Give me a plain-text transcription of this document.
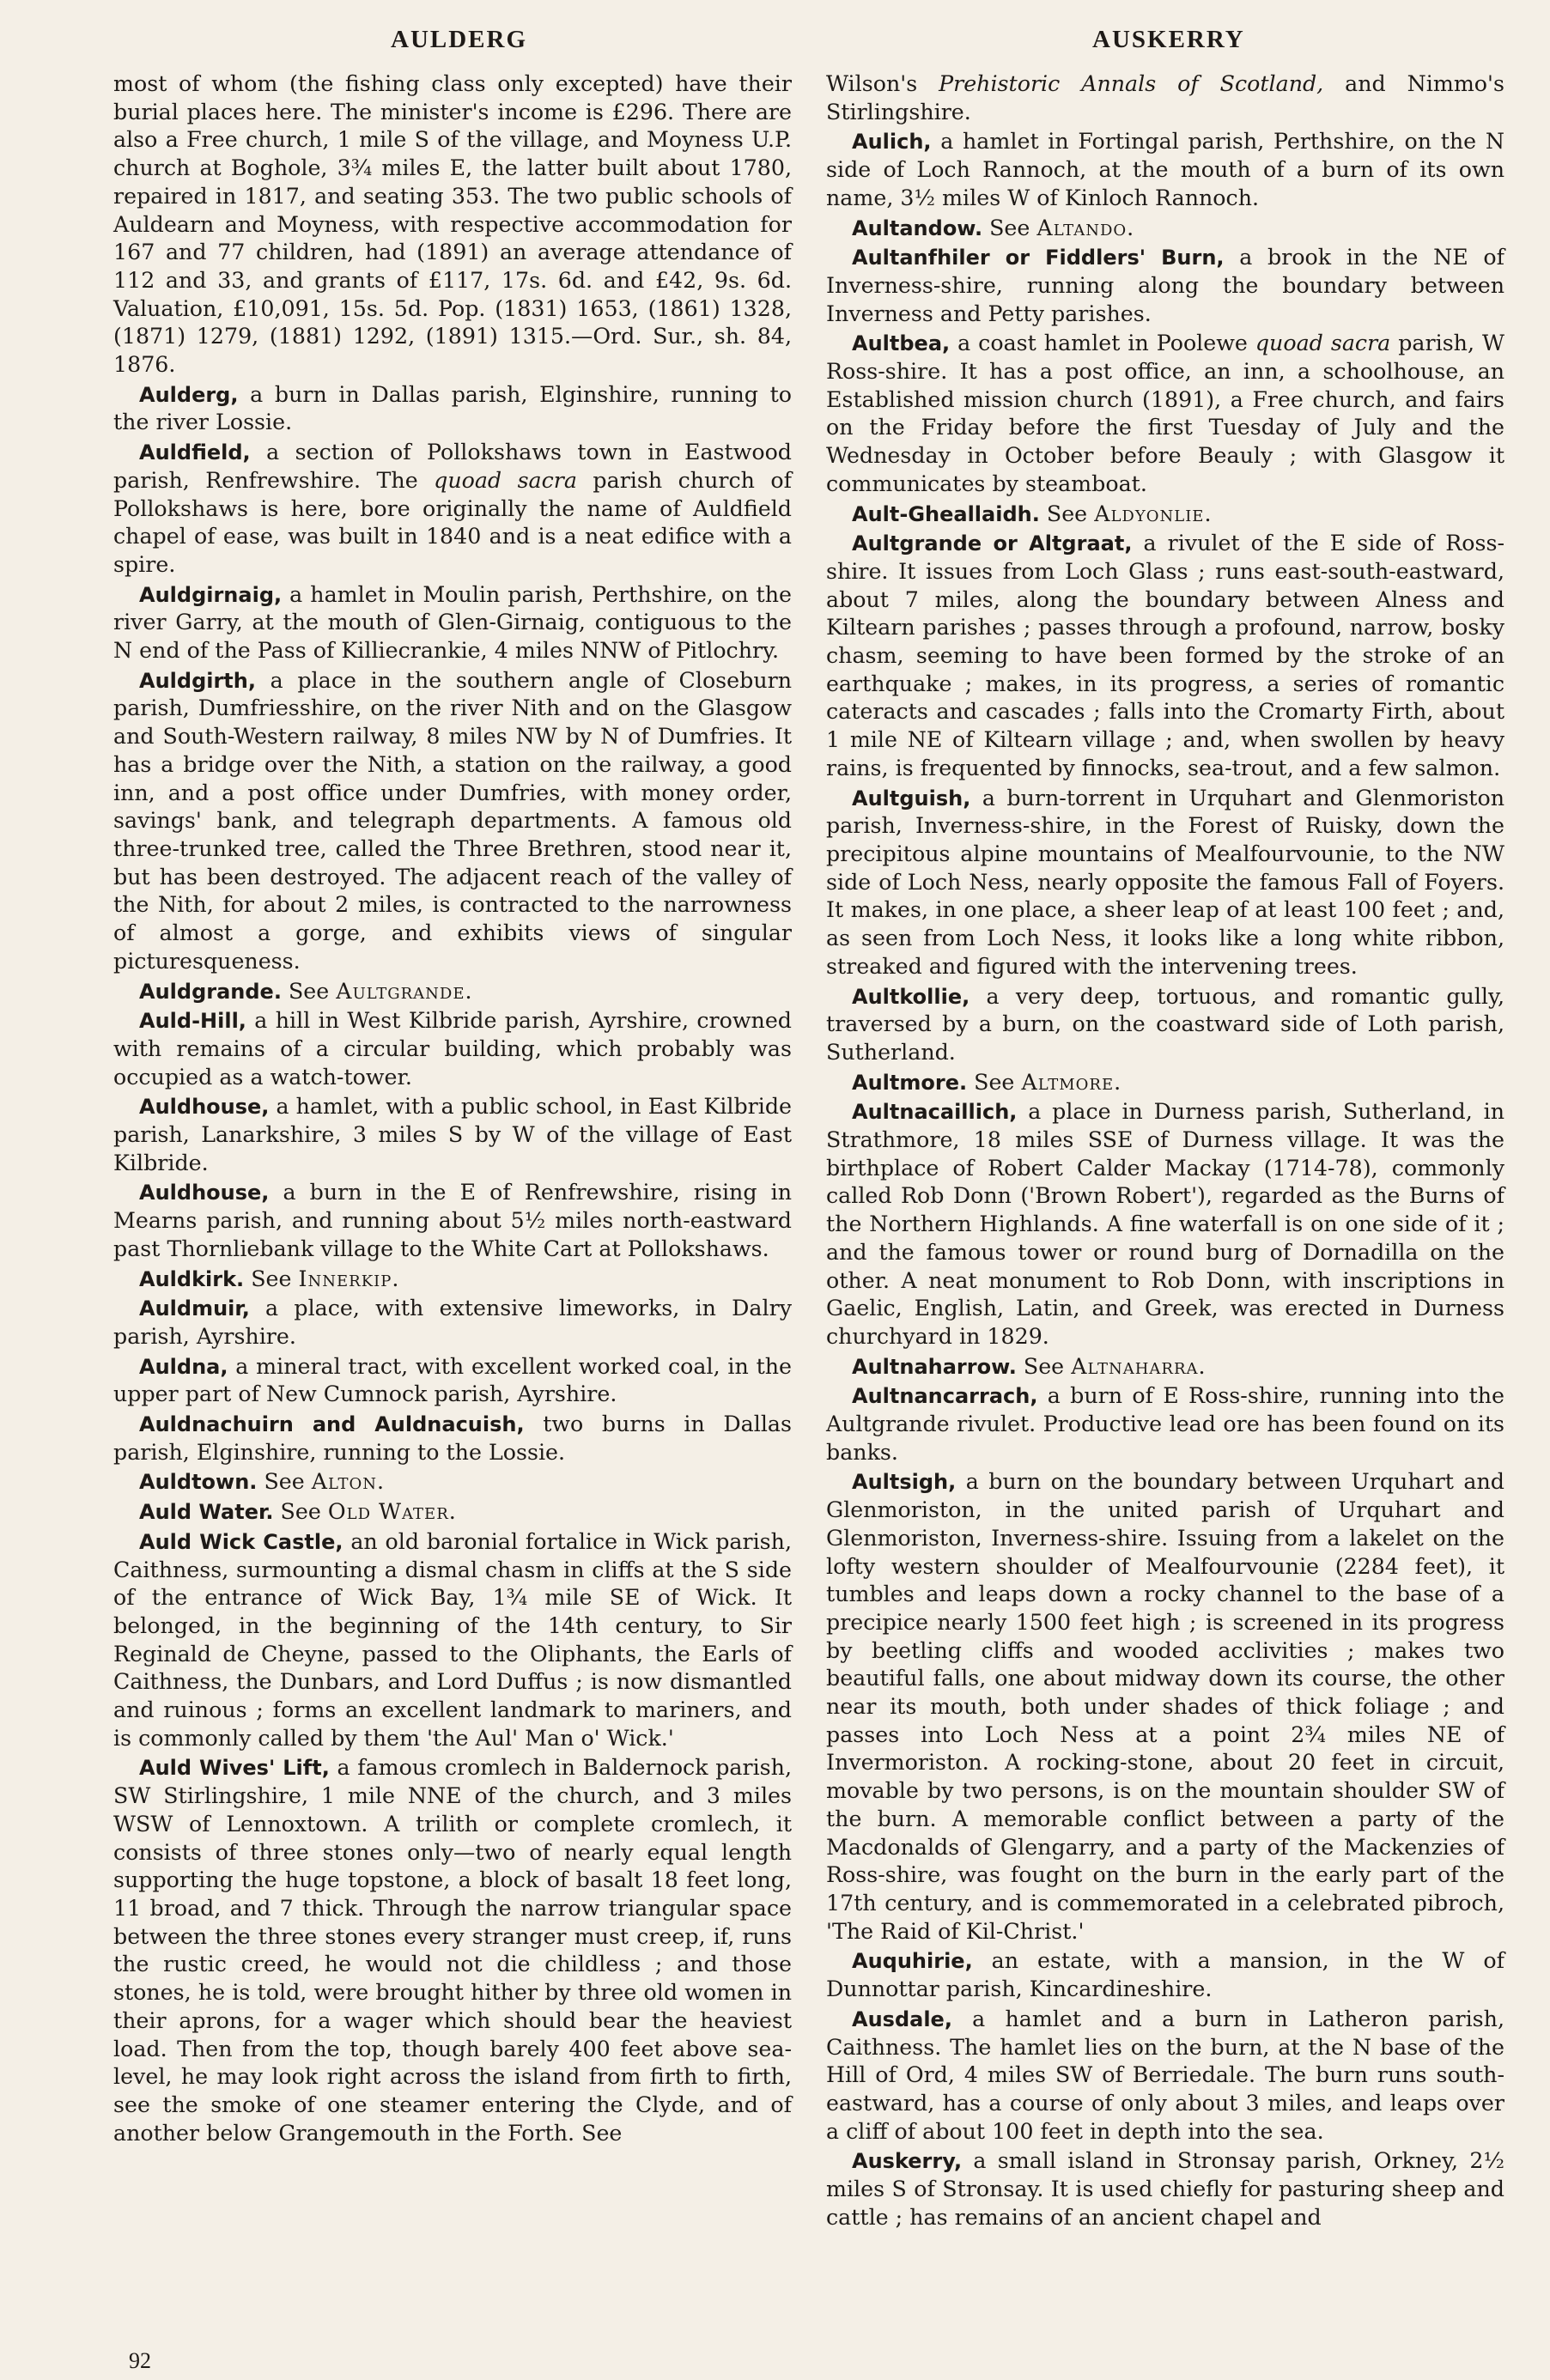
AULDERG	AUSKERRY

most of whom (the fishing class only excepted) have their burial places here. The minister's income is £296. There are also a Free church, 1 mile S of the village, and Moyness U.P. church at Boghole, 3¾ miles E, the latter built about 1780, repaired in 1817, and seating 353. The two public schools of Auldearn and Moyness, with respective accommodation for 167 and 77 children, had (1891) an average attendance of 112 and 33, and grants of £117, 17s. 6d. and £42, 9s. 6d. Valuation, £10,091, 15s. 5d. Pop. (1831) 1653, (1861) 1328, (1871) 1279, (1881) 1292, (1891) 1315.—Ord. Sur., sh. 84, 1876.

Aulderg, a burn in Dallas parish, Elginshire, running to the river Lossie.

Auldfield, a section of Pollokshaws town in Eastwood parish, Renfrewshire. The quoad sacra parish church of Pollokshaws is here, bore originally the name of Auldfield chapel of ease, was built in 1840 and is a neat edifice with a spire.

Auldgirnaig, a hamlet in Moulin parish, Perthshire, on the river Garry, at the mouth of Glen-Girnaig, contiguous to the N end of the Pass of Killiecrankie, 4 miles NNW of Pitlochry.

Auldgirth, a place in the southern angle of Closeburn parish, Dumfriesshire, on the river Nith and on the Glasgow and South-Western railway, 8 miles NW by N of Dumfries. It has a bridge over the Nith, a station on the railway, a good inn, and a post office under Dumfries, with money order, savings' bank, and telegraph departments. A famous old three-trunked tree, called the Three Brethren, stood near it, but has been destroyed. The adjacent reach of the valley of the Nith, for about 2 miles, is contracted to the narrowness of almost a gorge, and exhibits views of singular picturesqueness.

Auldgrande. See Aultgrande.

Auld-Hill, a hill in West Kilbride parish, Ayrshire, crowned with remains of a circular building, which probably was occupied as a watch-tower.

Auldhouse, a hamlet, with a public school, in East Kilbride parish, Lanarkshire, 3 miles S by W of the village of East Kilbride.

Auldhouse, a burn in the E of Renfrewshire, rising in Mearns parish, and running about 5½ miles north-eastward past Thornliebank village to the White Cart at Pollokshaws.

Auldkirk. See Innerkip.

Auldmuir, a place, with extensive limeworks, in Dalry parish, Ayrshire.

Auldna, a mineral tract, with excellent worked coal, in the upper part of New Cumnock parish, Ayrshire.

Auldnachuirn and Auldnacuish, two burns in Dallas parish, Elginshire, running to the Lossie.

Auldtown. See Alton.

Auld Water. See Old Water.

Auld Wick Castle, an old baronial fortalice in Wick parish, Caithness, surmounting a dismal chasm in cliffs at the S side of the entrance of Wick Bay, 1¾ mile SE of Wick. It belonged, in the beginning of the 14th century, to Sir Reginald de Cheyne, passed to the Oliphants, the Earls of Caithness, the Dunbars, and Lord Duffus ; is now dismantled and ruinous ; forms an excellent landmark to mariners, and is commonly called by them 'the Aul' Man o' Wick.'

Auld Wives' Lift, a famous cromlech in Baldernock parish, SW Stirlingshire, 1 mile NNE of the church, and 3 miles WSW of Lennoxtown. A trilith or complete cromlech, it consists of three stones only—two of nearly equal length supporting the huge topstone, a block of basalt 18 feet long, 11 broad, and 7 thick. Through the narrow triangular space between the three stones every stranger must creep, if, runs the rustic creed, he would not die childless ; and those stones, he is told, were brought hither by three old women in their aprons, for a wager which should bear the heaviest load. Then from the top, though barely 400 feet above sea-level, he may look right across the island from firth to firth, see the smoke of one steamer entering the Clyde, and of another below Grangemouth in the Forth. See

Wilson's Prehistoric Annals of Scotland, and Nimmo's Stirlingshire.

Aulich, a hamlet in Fortingal parish, Perthshire, on the N side of Loch Rannoch, at the mouth of a burn of its own name, 3½ miles W of Kinloch Rannoch.

Aultandow. See Altando.

Aultanfhiler or Fiddlers' Burn, a brook in the NE of Inverness-shire, running along the boundary between Inverness and Petty parishes.

Aultbea, a coast hamlet in Poolewe quoad sacra parish, W Ross-shire. It has a post office, an inn, a schoolhouse, an Established mission church (1891), a Free church, and fairs on the Friday before the first Tuesday of July and the Wednesday in October before Beauly ; with Glasgow it communicates by steamboat.

Ault-Gheallaidh. See Aldyonlie.

Aultgrande or Altgraat, a rivulet of the E side of Ross-shire. It issues from Loch Glass ; runs east-south-eastward, about 7 miles, along the boundary between Alness and Kiltearn parishes ; passes through a profound, narrow, bosky chasm, seeming to have been formed by the stroke of an earthquake ; makes, in its progress, a series of romantic cateracts and cascades ; falls into the Cromarty Firth, about 1 mile NE of Kiltearn village ; and, when swollen by heavy rains, is frequented by finnocks, sea-trout, and a few salmon.

Aultguish, a burn-torrent in Urquhart and Glenmoriston parish, Inverness-shire, in the Forest of Ruisky, down the precipitous alpine mountains of Mealfourvounie, to the NW side of Loch Ness, nearly opposite the famous Fall of Foyers. It makes, in one place, a sheer leap of at least 100 feet ; and, as seen from Loch Ness, it looks like a long white ribbon, streaked and figured with the intervening trees.

Aultkollie, a very deep, tortuous, and romantic gully, traversed by a burn, on the coastward side of Loth parish, Sutherland.

Aultmore. See Altmore.

Aultnacaillich, a place in Durness parish, Sutherland, in Strathmore, 18 miles SSE of Durness village. It was the birthplace of Robert Calder Mackay (1714-78), commonly called Rob Donn ('Brown Robert'), regarded as the Burns of the Northern Highlands. A fine waterfall is on one side of it ; and the famous tower or round burg of Dornadilla on the other. A neat monument to Rob Donn, with inscriptions in Gaelic, English, Latin, and Greek, was erected in Durness churchyard in 1829.

Aultnaharrow. See Altnaharra.

Aultnancarrach, a burn of E Ross-shire, running into the Aultgrande rivulet. Productive lead ore has been found on its banks.

Aultsigh, a burn on the boundary between Urquhart and Glenmoriston, in the united parish of Urquhart and Glenmoriston, Inverness-shire. Issuing from a lakelet on the lofty western shoulder of Mealfourvounie (2284 feet), it tumbles and leaps down a rocky channel to the base of a precipice nearly 1500 feet high ; is screened in its progress by beetling cliffs and wooded acclivities ; makes two beautiful falls, one about midway down its course, the other near its mouth, both under shades of thick foliage ; and passes into Loch Ness at a point 2¾ miles NE of Invermoriston. A rocking-stone, about 20 feet in circuit, movable by two persons, is on the mountain shoulder SW of the burn. A memorable conflict between a party of the Macdonalds of Glengarry, and a party of the Mackenzies of Ross-shire, was fought on the burn in the early part of the 17th century, and is commemorated in a celebrated pibroch, 'The Raid of Kil-Christ.'

Auquhirie, an estate, with a mansion, in the W of Dunnottar parish, Kincardineshire.

Ausdale, a hamlet and a burn in Latheron parish, Caithness. The hamlet lies on the burn, at the N base of the Hill of Ord, 4 miles SW of Berriedale. The burn runs south-eastward, has a course of only about 3 miles, and leaps over a cliff of about 100 feet in depth into the sea.

Auskerry, a small island in Stronsay parish, Orkney, 2½ miles S of Stronsay. It is used chiefly for pasturing sheep and cattle ; has remains of an ancient chapel and

92
